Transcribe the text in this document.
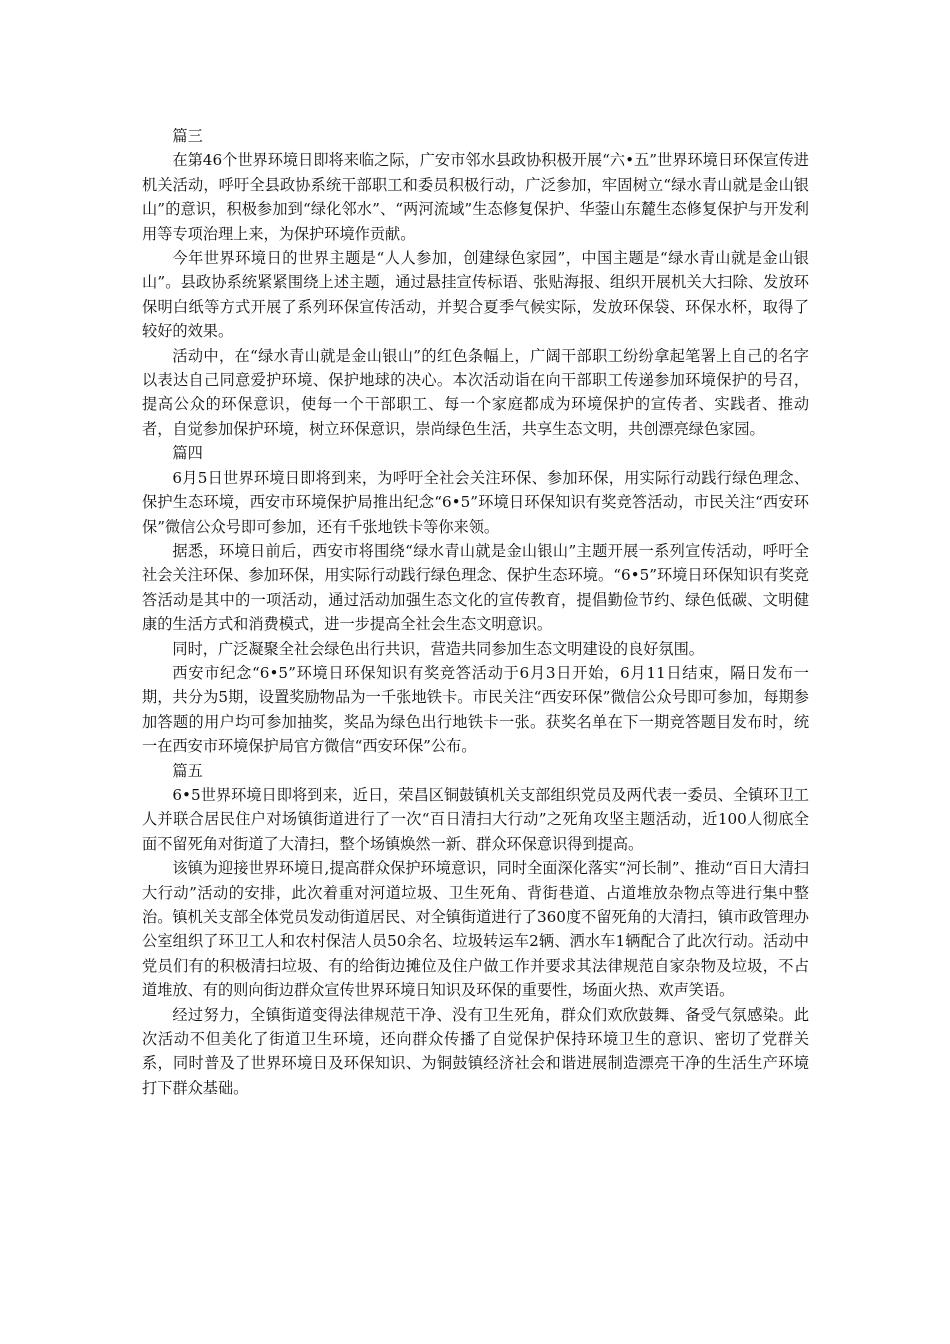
篇三

在第46个世界环境日即将来临之际，广安市邻水县政协积极开展“六•五”世界环境日环保宣传进机关活动，呼吁全县政协系统干部职工和委员积极行动，广泛参加，牢固树立“绿水青山就是金山银山”的意识，积极参加到“绿化邻水”、“两河流域”生态修复保护、华蓥山东麓生态修复保护与开发利用等专项治理上来，为保护环境作贡献。

今年世界环境日的世界主题是“人人参加，创建绿色家园”，中国主题是“绿水青山就是金山银山”。县政协系统紧紧围绕上述主题，通过悬挂宣传标语、张贴海报、组织开展机关大扫除、发放环保明白纸等方式开展了系列环保宣传活动，并契合夏季气候实际，发放环保袋、环保水杯，取得了较好的效果。

活动中，在“绿水青山就是金山银山”的红色条幅上，广阔干部职工纷纷拿起笔署上自己的名字以表达自己同意爱护环境、保护地球的决心。本次活动诣在向干部职工传递参加环境保护的号召，提高公众的环保意识，使每一个干部职工、每一个家庭都成为环境保护的宣传者、实践者、推动者，自觉参加保护环境，树立环保意识，崇尚绿色生活，共享生态文明，共创漂亮绿色家园。

篇四

6月5日世界环境日即将到来，为呼吁全社会关注环保、参加环保，用实际行动践行绿色理念、保护生态环境，西安市环境保护局推出纪念“6•5”环境日环保知识有奖竞答活动，市民关注“西安环保”微信公众号即可参加，还有千张地铁卡等你来领。

据悉，环境日前后，西安市将围绕“绿水青山就是金山银山”主题开展一系列宣传活动，呼吁全社会关注环保、参加环保，用实际行动践行绿色理念、保护生态环境。“6•5”环境日环保知识有奖竞答活动是其中的一项活动，通过活动加强生态文化的宣传教育，提倡勤俭节约、绿色低碳、文明健康的生活方式和消费模式，进一步提高全社会生态文明意识。

同时，广泛凝聚全社会绿色出行共识，营造共同参加生态文明建设的良好氛围。

西安市纪念“6•5”环境日环保知识有奖竞答活动于6月3日开始，6月11日结束，隔日发布一期，共分为5期，设置奖励物品为一千张地铁卡。市民关注“西安环保”微信公众号即可参加，每期参加答题的用户均可参加抽奖，奖品为绿色出行地铁卡一张。获奖名单在下一期竞答题目发布时，统一在西安市环境保护局官方微信“西安环保”公布。

篇五

6•5世界环境日即将到来，近日，荣昌区铜鼓镇机关支部组织党员及两代表一委员、全镇环卫工人并联合居民住户对场镇街道进行了一次“百日清扫大行动”之死角攻坚主题活动，近100人彻底全面不留死角对街道了大清扫，整个场镇焕然一新、群众环保意识得到提高。

该镇为迎接世界环境日,提高群众保护环境意识，同时全面深化落实“河长制”、推动“百日大清扫大行动”活动的安排，此次着重对河道垃圾、卫生死角、背街巷道、占道堆放杂物点等进行集中整治。镇机关支部全体党员发动街道居民、对全镇街道进行了360度不留死角的大清扫，镇市政管理办公室组织了环卫工人和农村保洁人员50余名、垃圾转运车2辆、洒水车1辆配合了此次行动。活动中党员们有的积极清扫垃圾、有的给街边摊位及住户做工作并要求其法律规范自家杂物及垃圾，不占道堆放、有的则向街边群众宣传世界环境日知识及环保的重要性，场面火热、欢声笑语。

经过努力，全镇街道变得法律规范干净、没有卫生死角，群众们欢欣鼓舞、备受气氛感染。此次活动不但美化了街道卫生环境，还向群众传播了自觉保护保持环境卫生的意识、密切了党群关系，同时普及了世界环境日及环保知识、为铜鼓镇经济社会和谐进展制造漂亮干净的生活生产环境打下群众基础。
